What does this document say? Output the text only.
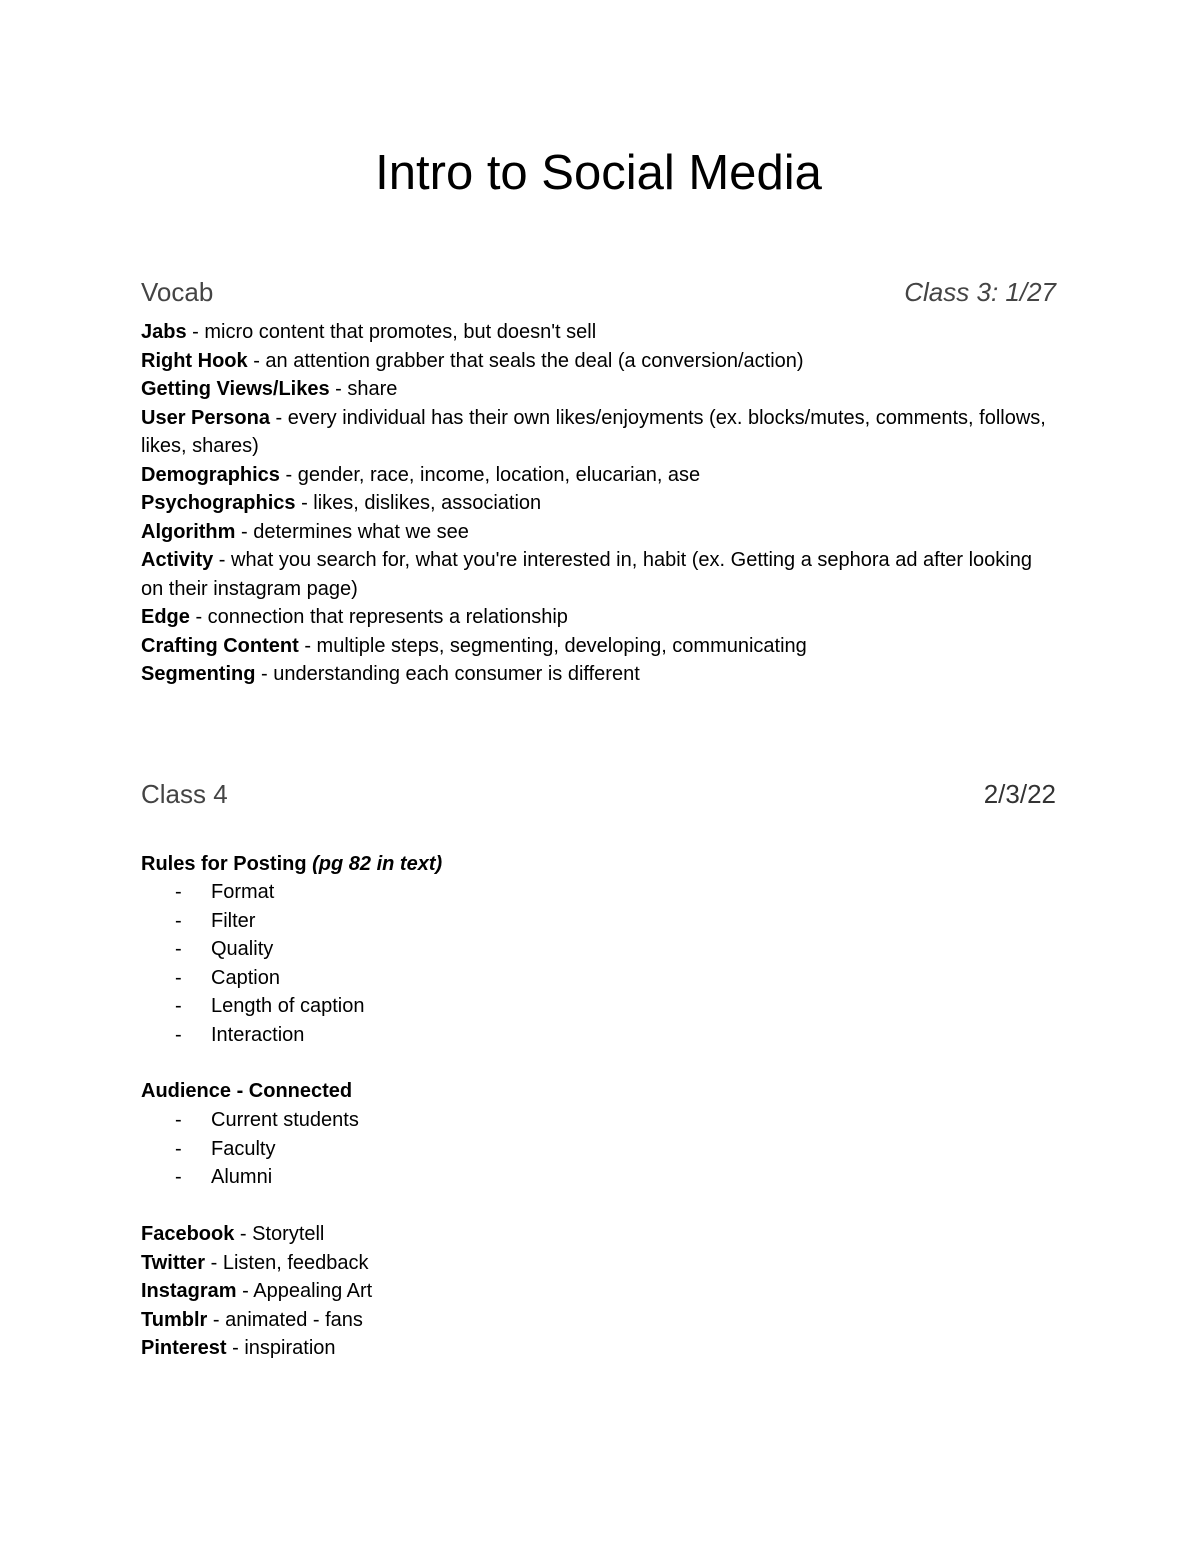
Intro to Social Media
Vocab	Class 3: 1/27
Jabs - micro content that promotes, but doesn't sell
Right Hook - an attention grabber that seals the deal (a conversion/action)
Getting Views/Likes - share
User Persona - every individual has their own likes/enjoyments (ex. blocks/mutes, comments, follows, likes, shares)
Demographics - gender, race, income, location, elucarian, ase
Psychographics - likes, dislikes, association
Algorithm - determines what we see
Activity - what you search for, what you're interested in, habit (ex. Getting a sephora ad after looking on their instagram page)
Edge - connection that represents a relationship
Crafting Content - multiple steps, segmenting, developing, communicating
Segmenting - understanding each consumer is different
Class 4	2/3/22
Rules for Posting (pg 82 in text)
- Format
- Filter
- Quality
- Caption
- Length of caption
- Interaction
Audience - Connected
- Current students
- Faculty
- Alumni
Facebook - Storytell
Twitter - Listen, feedback
Instagram - Appealing Art
Tumblr - animated - fans
Pinterest - inspiration
